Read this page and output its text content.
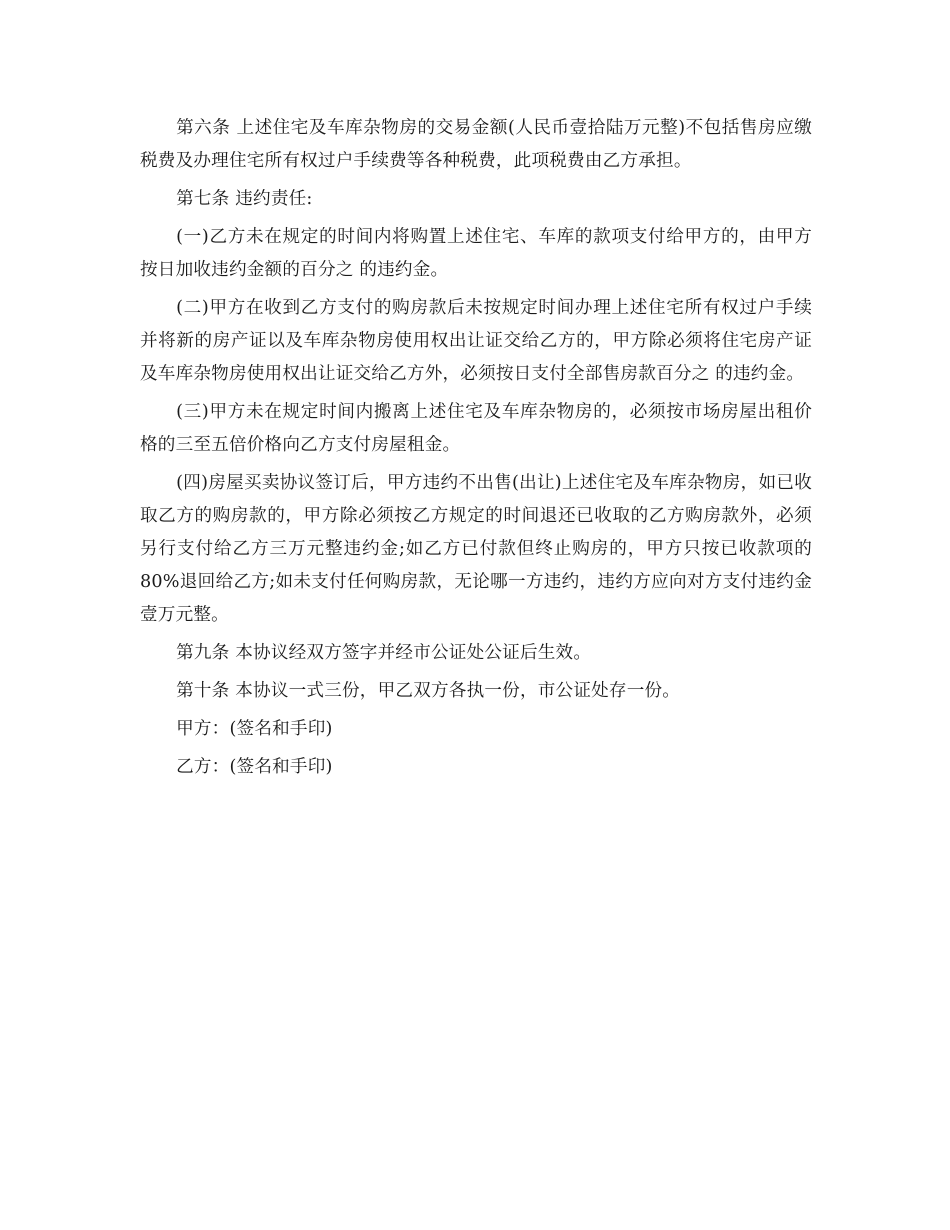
第六条 上述住宅及车库杂物房的交易金额(人民币壹拾陆万元整)不包括售房应缴税费及办理住宅所有权过户手续费等各种税费，此项税费由乙方承担。

第七条 违约责任:

(一)乙方未在规定的时间内将购置上述住宅、车库的款项支付给甲方的，由甲方按日加收违约金额的百分之 的违约金。

(二)甲方在收到乙方支付的购房款后未按规定时间办理上述住宅所有权过户手续并将新的房产证以及车库杂物房使用权出让证交给乙方的，甲方除必须将住宅房产证及车库杂物房使用权出让证交给乙方外，必须按日支付全部售房款百分之 的违约金。

(三)甲方未在规定时间内搬离上述住宅及车库杂物房的，必须按市场房屋出租价格的三至五倍价格向乙方支付房屋租金。

(四)房屋买卖协议签订后，甲方违约不出售(出让)上述住宅及车库杂物房，如已收取乙方的购房款的，甲方除必须按乙方规定的时间退还已收取的乙方购房款外，必须另行支付给乙方三万元整违约金;如乙方已付款但终止购房的，甲方只按已收款项的 80%退回给乙方;如未支付任何购房款，无论哪一方违约，违约方应向对方支付违约金壹万元整。

第九条 本协议经双方签字并经市公证处公证后生效。

第十条 本协议一式三份，甲乙双方各执一份，市公证处存一份。

甲方：(签名和手印)

乙方：(签名和手印)
